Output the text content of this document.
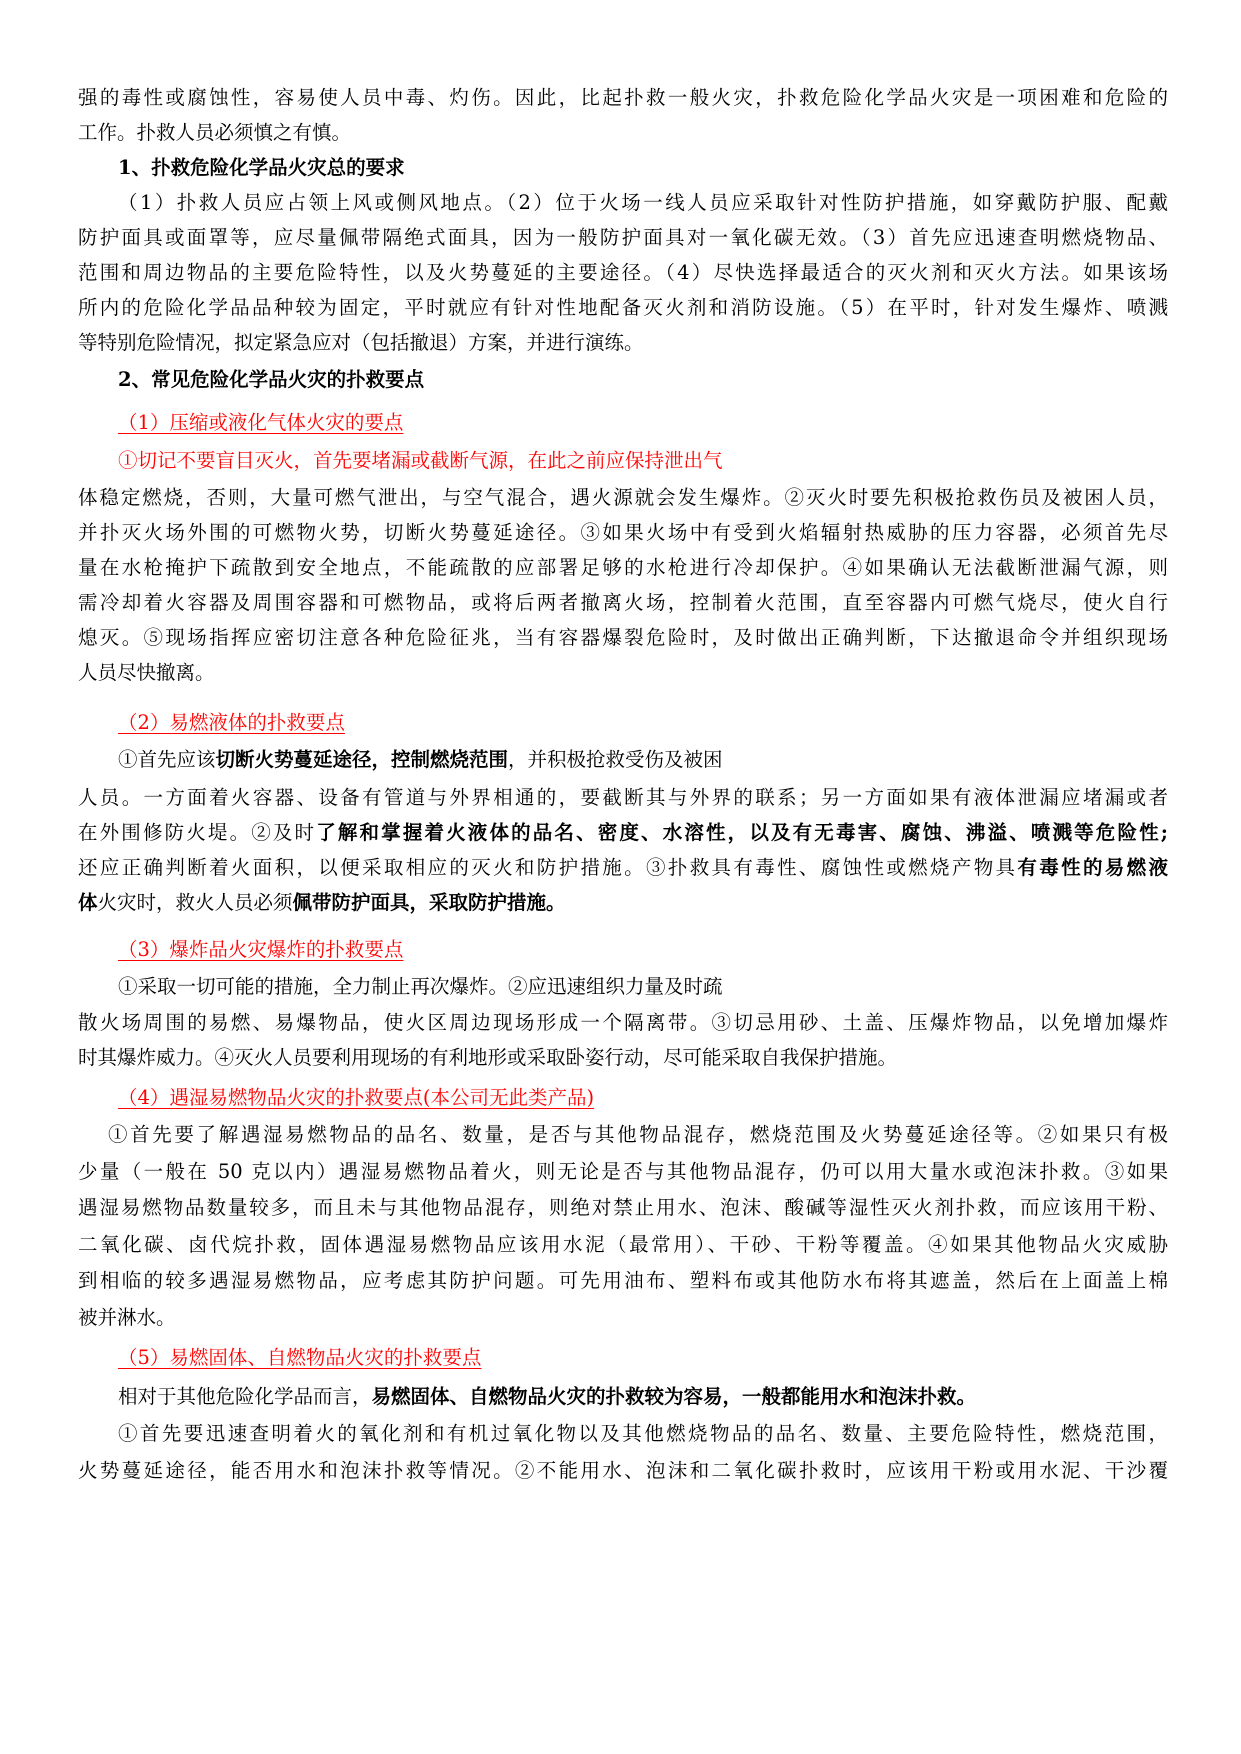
强的毒性或腐蚀性，容易使人员中毒、灼伤。因此，比起扑救一般火灾，扑救危险化学品火灾是一项困难和危险的
工作。扑救人员必须慎之有慎。
1、扑救危险化学品火灾总的要求
（1）扑救人员应占领上风或侧风地点。（2）位于火场一线人员应采取针对性防护措施，如穿戴防护服、配戴
防护面具或面罩等，应尽量佩带隔绝式面具，因为一般防护面具对一氧化碳无效。（3）首先应迅速查明燃烧物品、
范围和周边物品的主要危险特性，以及火势蔓延的主要途径。（4）尽快选择最适合的灭火剂和灭火方法。如果该场
所内的危险化学品品种较为固定，平时就应有针对性地配备灭火剂和消防设施。（5）在平时，针对发生爆炸、喷溅
等特别危险情况，拟定紧急应对（包括撤退）方案，并进行演练。
2、常见危险化学品火灾的扑救要点
（1）压缩或液化气体火灾的要点
①切记不要盲目灭火，首先要堵漏或截断气源，在此之前应保持泄出气
体稳定燃烧，否则，大量可燃气泄出，与空气混合，遇火源就会发生爆炸。②灭火时要先积极抢救伤员及被困人员，
并扑灭火场外围的可燃物火势，切断火势蔓延途径。③如果火场中有受到火焰辐射热威胁的压力容器，必须首先尽
量在水枪掩护下疏散到安全地点，不能疏散的应部署足够的水枪进行冷却保护。④如果确认无法截断泄漏气源，则
需冷却着火容器及周围容器和可燃物品，或将后两者撤离火场，控制着火范围，直至容器内可燃气烧尽，使火自行
熄灭。⑤现场指挥应密切注意各种危险征兆，当有容器爆裂危险时，及时做出正确判断，下达撤退命令并组织现场
人员尽快撤离。
（2）易燃液体的扑救要点
①首先应该切断火势蔓延途径，控制燃烧范围，并积极抢救受伤及被困
人员。一方面着火容器、设备有管道与外界相通的，要截断其与外界的联系；另一方面如果有液体泄漏应堵漏或者
在外围修防火堤。②及时了解和掌握着火液体的品名、密度、水溶性，以及有无毒害、腐蚀、沸溢、喷溅等危险性;
还应正确判断着火面积，以便采取相应的灭火和防护措施。③扑救具有毒性、腐蚀性或燃烧产物具有毒性的易燃液
体火灾时，救火人员必须佩带防护面具，采取防护措施。
（3）爆炸品火灾爆炸的扑救要点
①采取一切可能的措施，全力制止再次爆炸。②应迅速组织力量及时疏
散火场周围的易燃、易爆物品，使火区周边现场形成一个隔离带。③切忌用砂、土盖、压爆炸物品，以免增加爆炸
时其爆炸威力。④灭火人员要利用现场的有利地形或采取卧姿行动，尽可能采取自我保护措施。
（4）遇湿易燃物品火灾的扑救要点(本公司无此类产品)
①首先要了解遇湿易燃物品的品名、数量，是否与其他物品混存，燃烧范围及火势蔓延途径等。②如果只有极
少量（一般在 50 克以内）遇湿易燃物品着火，则无论是否与其他物品混存，仍可以用大量水或泡沫扑救。③如果
遇湿易燃物品数量较多，而且未与其他物品混存，则绝对禁止用水、泡沫、酸碱等湿性灭火剂扑救，而应该用干粉、
二氧化碳、卤代烷扑救，固体遇湿易燃物品应该用水泥（最常用）、干砂、干粉等覆盖。④如果其他物品火灾威胁
到相临的较多遇湿易燃物品，应考虑其防护问题。可先用油布、塑料布或其他防水布将其遮盖，然后在上面盖上棉
被并淋水。
（5）易燃固体、自燃物品火灾的扑救要点
相对于其他危险化学品而言，易燃固体、自燃物品火灾的扑救较为容易，一般都能用水和泡沫扑救。
①首先要迅速查明着火的氧化剂和有机过氧化物以及其他燃烧物品的品名、数量、主要危险特性，燃烧范围，
火势蔓延途径，能否用水和泡沫扑救等情况。②不能用水、泡沫和二氧化碳扑救时，应该用干粉或用水泥、干沙覆
